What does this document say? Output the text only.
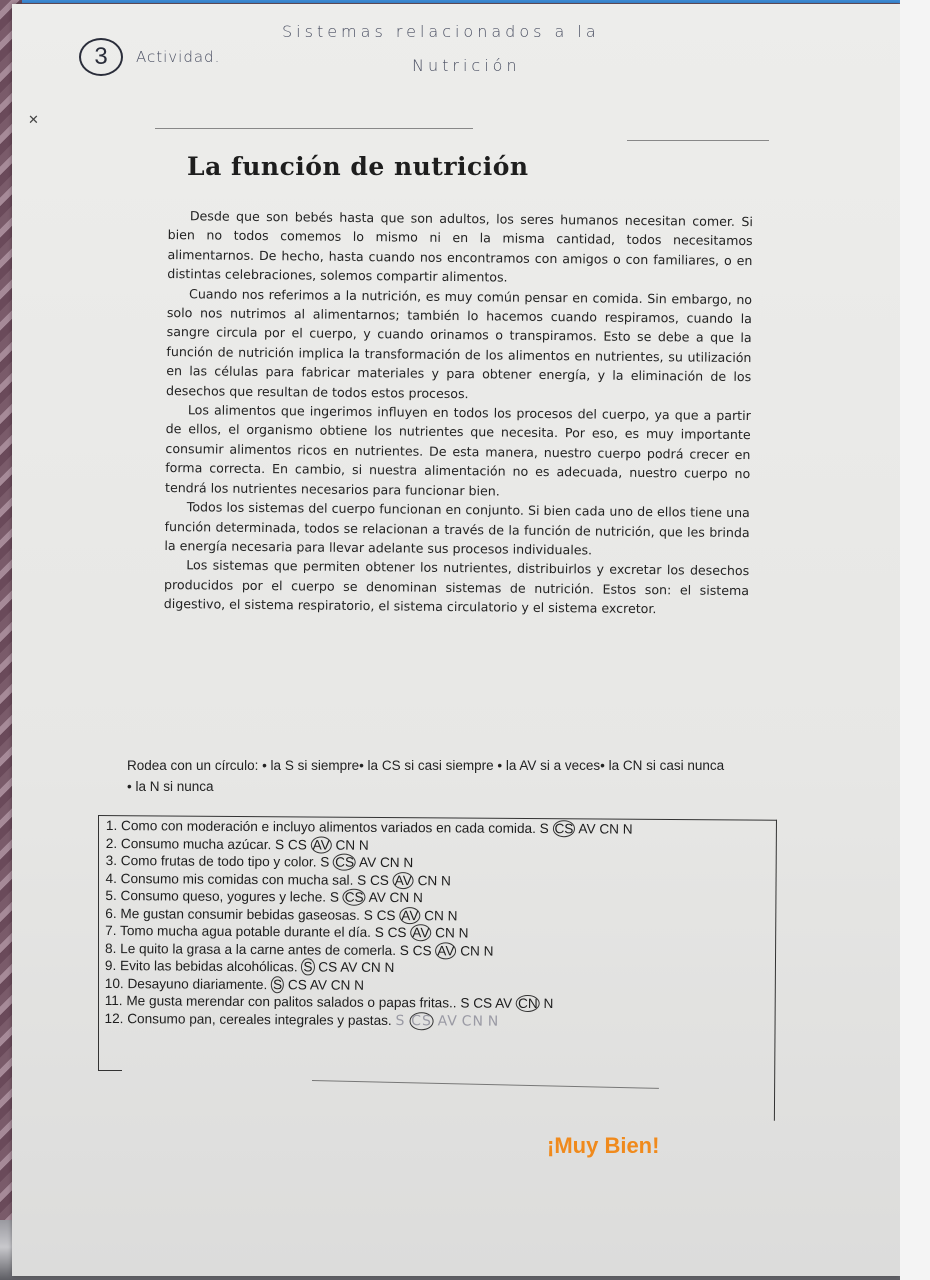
3	Actividad.
Sistemas relacionados a la
Nutrición
✕
La función de nutrición

Desde que son bebés hasta que son adultos, los seres humanos necesitan comer. Si bien no todos comemos lo mismo ni en la misma cantidad, todos necesitamos alimentarnos. De hecho, hasta cuando nos encontramos con amigos o con familiares, o en distintas celebraciones, solemos compartir alimentos.

Cuando nos referimos a la nutrición, es muy común pensar en comida. Sin embargo, no solo nos nutrimos al alimentarnos; también lo hacemos cuando respiramos, cuando la sangre circula por el cuerpo, y cuando orinamos o transpiramos. Esto se debe a que la función de nutrición implica la transformación de los alimentos en nutrientes, su utilización en las células para fabricar materiales y para obtener energía, y la eliminación de los desechos que resultan de todos estos procesos.

Los alimentos que ingerimos influyen en todos los procesos del cuerpo, ya que a partir de ellos, el organismo obtiene los nutrientes que necesita. Por eso, es muy importante consumir alimentos ricos en nutrientes. De esta manera, nuestro cuerpo podrá crecer en forma correcta. En cambio, si nuestra alimentación no es adecuada, nuestro cuerpo no tendrá los nutrientes necesarios para funcionar bien.

Todos los sistemas del cuerpo funcionan en conjunto. Si bien cada uno de ellos tiene una función determinada, todos se relacionan a través de la función de nutrición, que les brinda la energía necesaria para llevar adelante sus procesos individuales.

Los sistemas que permiten obtener los nutrientes, distribuirlos y excretar los desechos producidos por el cuerpo se denominan sistemas de nutrición. Estos son: el sistema digestivo, el sistema respiratorio, el sistema circulatorio y el sistema excretor.

Rodea con un círculo: • la S si siempre• la CS si casi siempre • la AV si a veces• la CN si casi nunca
• la N si nunca
1. Como con moderación e incluyo alimentos variados en cada comida. S CS AV CN N
2. Consumo mucha azúcar. S CS AV CN N
3. Como frutas de todo tipo y color. S CS AV CN N
4. Consumo mis comidas con mucha sal. S CS AV CN N
5. Consumo queso, yogures y leche. S CS AV CN N
6. Me gustan consumir bebidas gaseosas. S CS AV CN N
7. Tomo mucha agua potable durante el día. S CS AV CN N
8. Le quito la grasa a la carne antes de comerla. S CS AV CN N
9. Evito las bebidas alcohólicas. S CS AV CN N
10. Desayuno diariamente. S CS AV CN N
11. Me gusta merendar con palitos salados o papas fritas.. S CS AV CN N
12. Consumo pan, cereales integrales y pastas. S CS AV CN N
¡Muy Bien!
